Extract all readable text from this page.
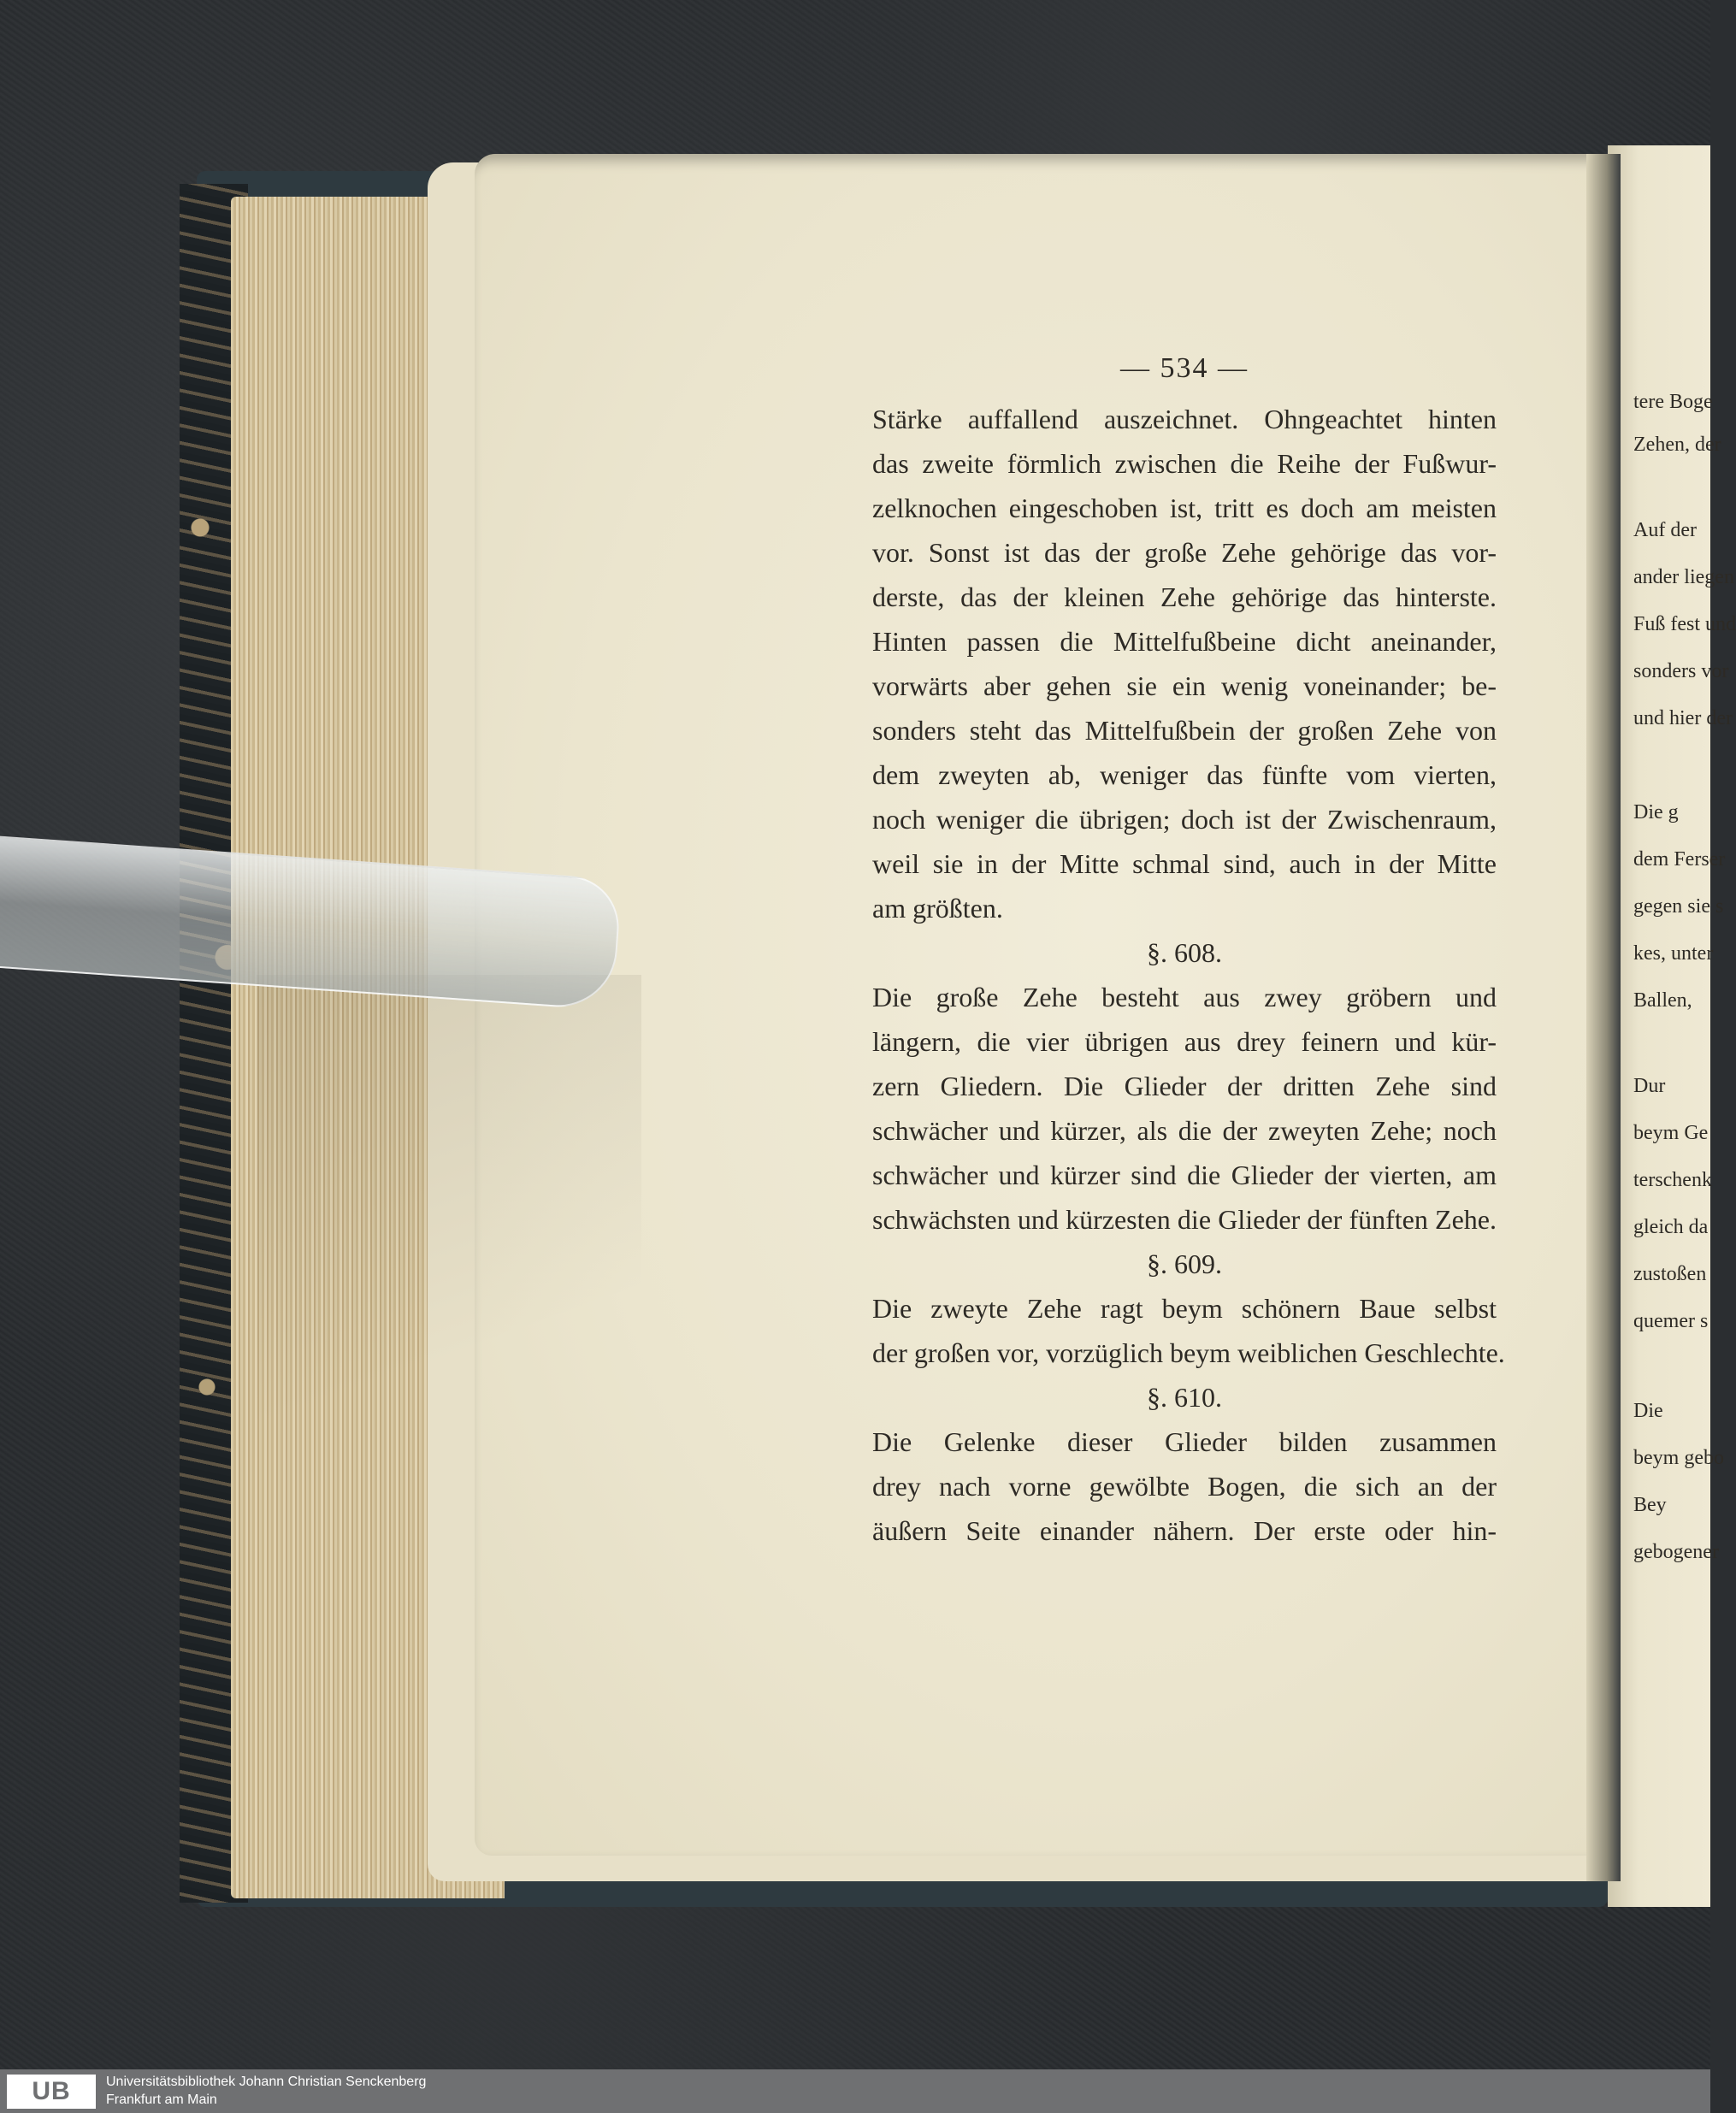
— 534 —
Stärke auffallend auszeichnet. Ohngeachtet hinten
das zweite förmlich zwischen die Reihe der Fußwur-
zelknochen eingeschoben ist, tritt es doch am meisten
vor. Sonst ist das der große Zehe gehörige das vor-
derste, das der kleinen Zehe gehörige das hinterste.
Hinten passen die Mittelfußbeine dicht aneinander,
vorwärts aber gehen sie ein wenig voneinander; be-
sonders steht das Mittelfußbein der großen Zehe von
dem zweyten ab, weniger das fünfte vom vierten,
noch weniger die übrigen; doch ist der Zwischenraum,
weil sie in der Mitte schmal sind, auch in der Mitte
am größten.
§. 608.
Die große Zehe besteht aus zwey gröbern und
längern, die vier übrigen aus drey feinern und kür-
zern Gliedern. Die Glieder der dritten Zehe sind
schwächer und kürzer, als die der zweyten Zehe; noch
schwächer und kürzer sind die Glieder der vierten, am
schwächsten und kürzesten die Glieder der fünften Zehe.
§. 609.
Die zweyte Zehe ragt beym schönern Baue selbst
der großen vor, vorzüglich beym weiblichen Geschlechte.
§. 610.
Die Gelenke dieser Glieder bilden zusammen
drey nach vorne gewölbte Bogen, die sich an der
äußern Seite einander nähern. Der erste oder hin-
tere Boge
Zehen, der
Auf der
ander liegen
Fuß fest und
sonders vor
und hier der
Die g
dem Ferser
gegen sie s
kes, unter
Ballen,
Dur
beym Ge
terschenk
gleich da
zustoßen
quemer s
Die
beym gebo
Bey
gebogener
UB	Universitätsbibliothek Johann Christian Senckenberg
Frankfurt am Main
